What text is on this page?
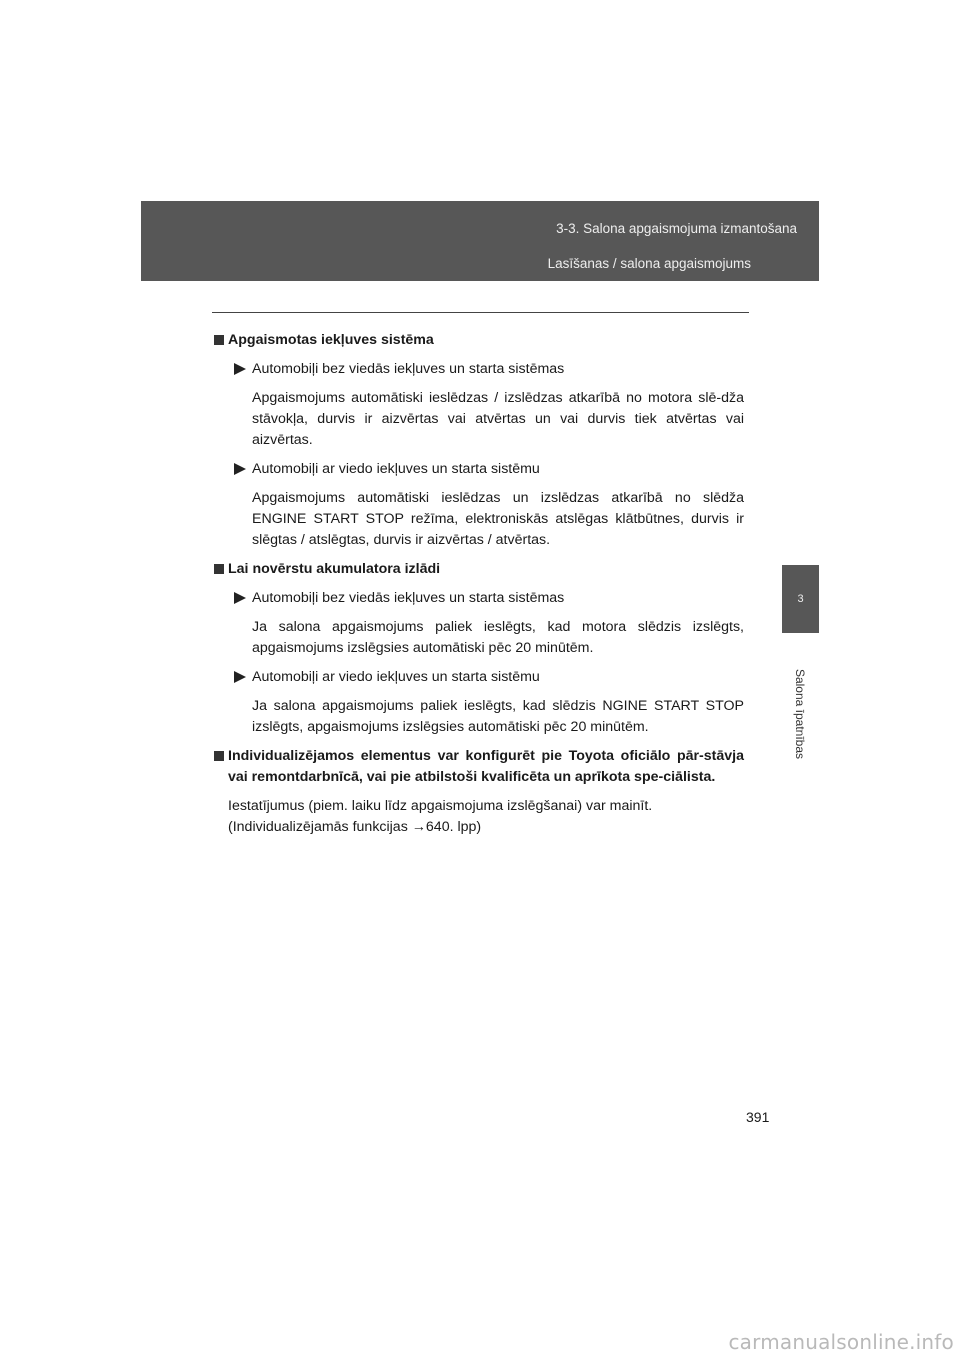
3-3. Salona apgaismojuma izmantošana
Lasīšanas / salona apgaismojums
3
Salona īpatnības
Apgaismotas iekļuves sistēma
Automobiļi bez viedās iekļuves un starta sistēmas
Apgaismojums automātiski ieslēdzas / izslēdzas atkarībā no motora slē-dža stāvokļa, durvis ir aizvērtas vai atvērtas un vai durvis tiek atvērtas vai aizvērtas.
Automobiļi ar viedo iekļuves un starta sistēmu
Apgaismojums automātiski ieslēdzas un izslēdzas atkarībā no slēdža ENGINE START STOP režīma, elektroniskās atslēgas klātbūtnes, durvis ir slēgtas / atslēgtas, durvis ir aizvērtas / atvērtas.
Lai novērstu akumulatora izlādi
Automobiļi bez viedās iekļuves un starta sistēmas
Ja salona apgaismojums paliek ieslēgts, kad motora slēdzis izslēgts, apgaismojums izslēgsies automātiski pēc 20 minūtēm.
Automobiļi ar viedo iekļuves un starta sistēmu
Ja salona apgaismojums paliek ieslēgts, kad slēdzis NGINE START STOP izslēgts, apgaismojums izslēgsies automātiski pēc 20 minūtēm.
Individualizējamos elementus var konfigurēt pie Toyota oficiālo pār-stāvja vai remontdarbnīcā, vai pie atbilstoši kvalificēta un aprīkota spe-ciālista.
Iestatījumus (piem. laiku līdz apgaismojuma izslēgšanai) var mainīt.
(Individualizējamās funkcijas →640. lpp)
391
carmanualsonline.info
